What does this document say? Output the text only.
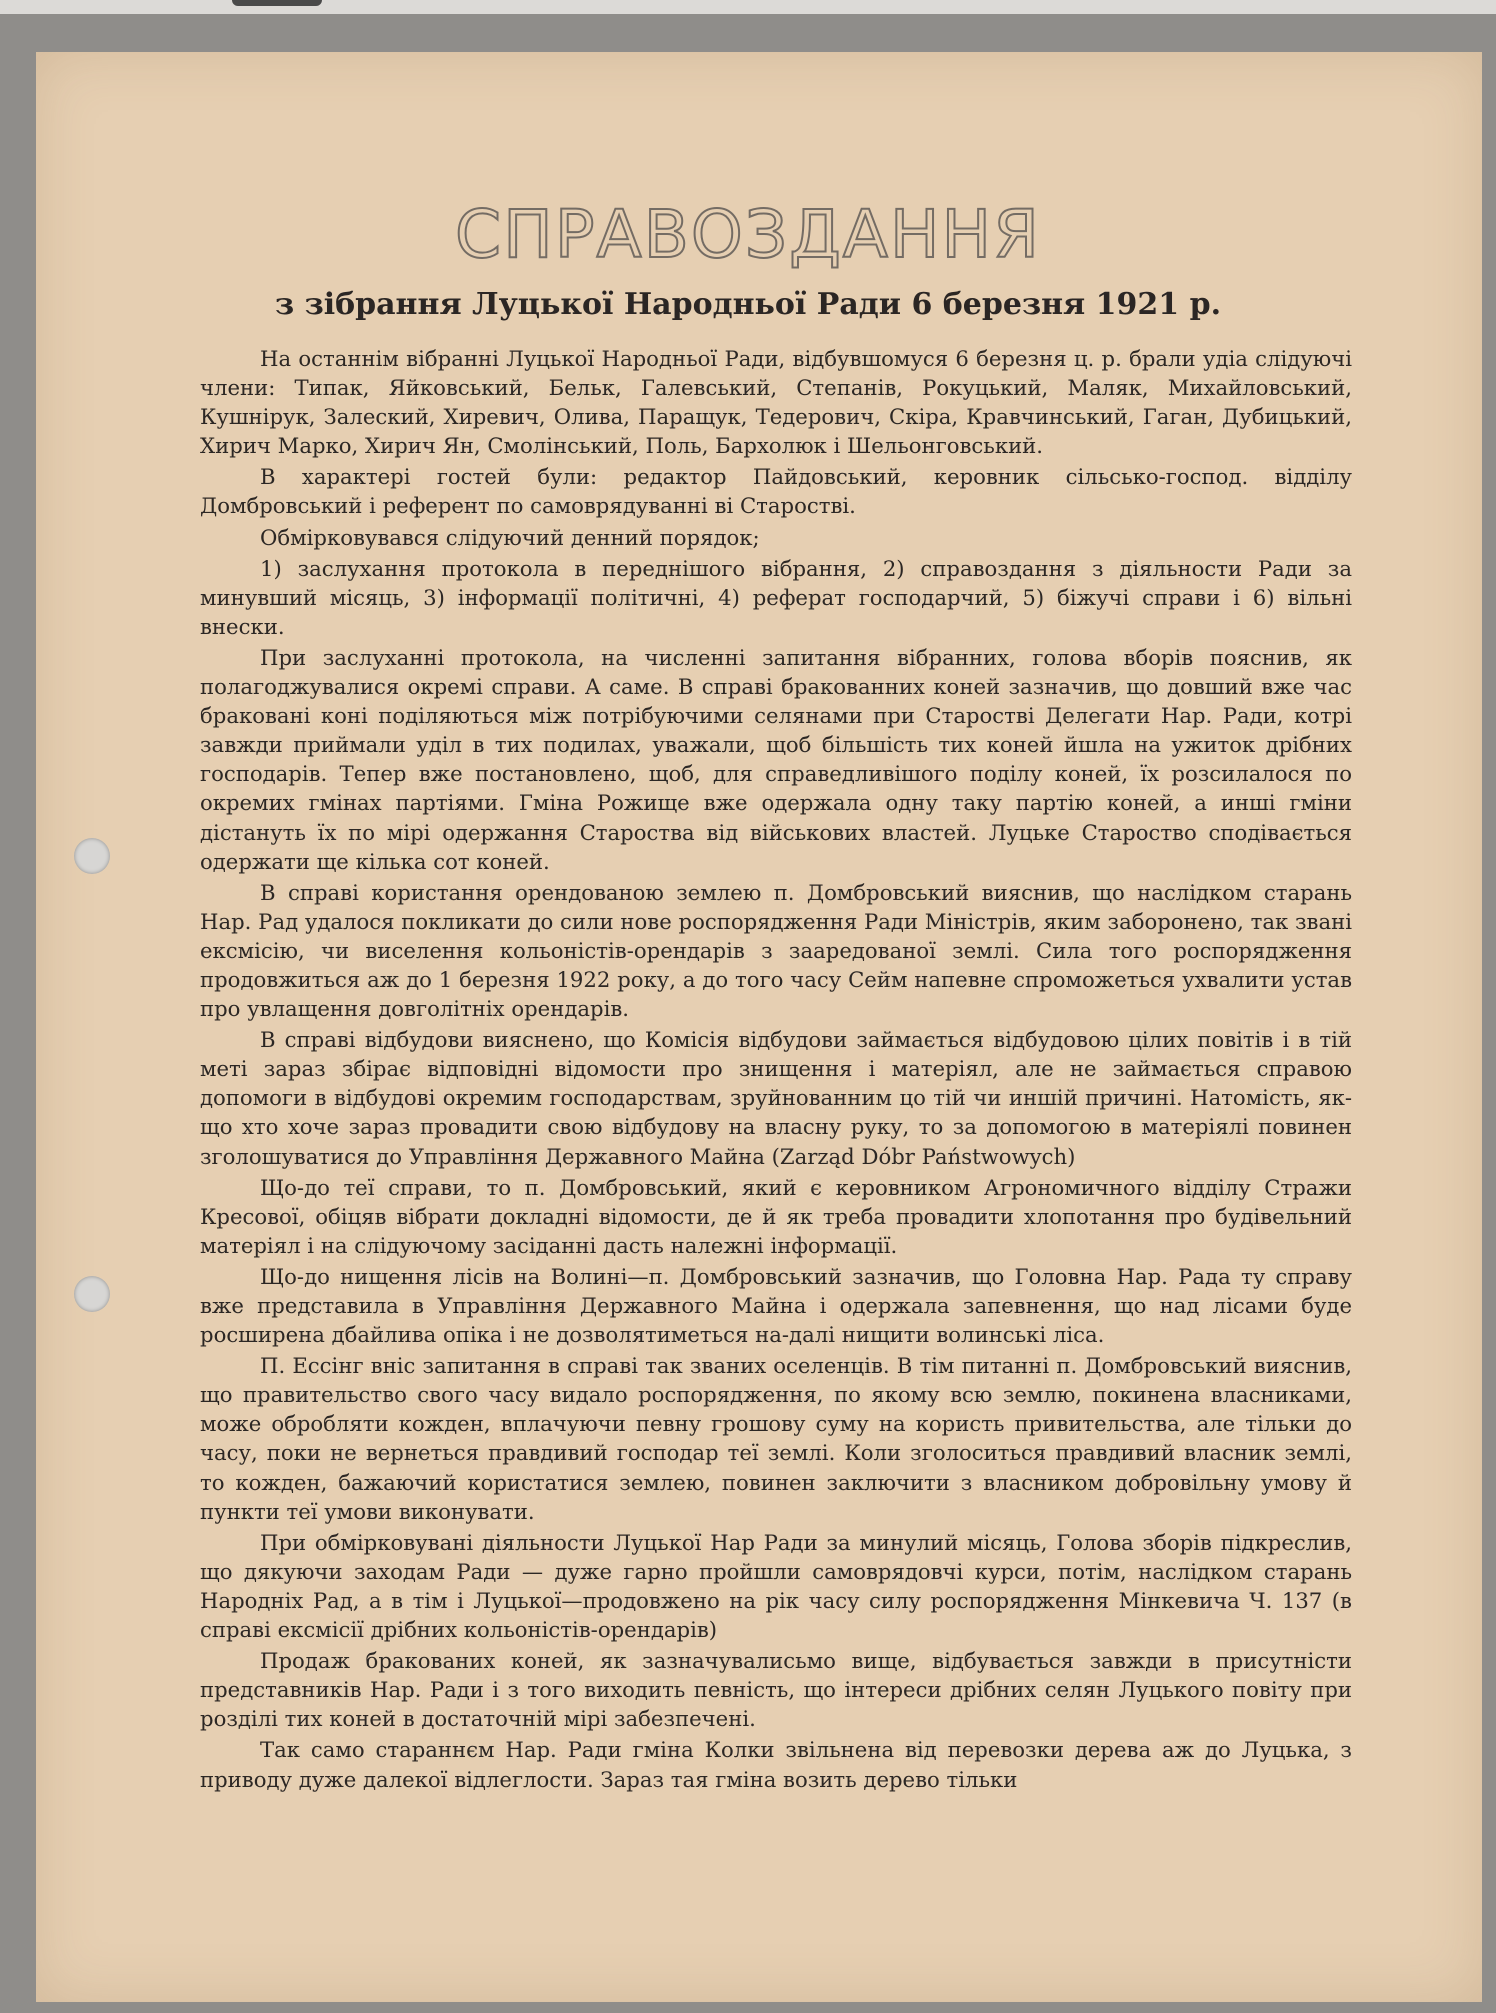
СПРАВОЗДАННЯ
з зібрання Луцької Народньої Ради 6 березня 1921 р.

На останнім вібранні Луцької Народньої Ради, відбувшомуся 6 березня ц. р. брали удіа слідуючі члени: Типак, Яйковський, Бельк, Галевський, Степанів, Рокуцький, Маляк, Михайловський, Кушнірук, Залеский, Хиревич, Олива, Паращук, Тедерович, Скіра, Кравчинський, Гаган, Дубицький, Хирич Марко, Хирич Ян, Смолінський, Поль, Бархолюк і Шельонговський.

В характері гостей були: редактор Пайдовський, керовник сільсько-господ. відділу Домбровський і референт по самоврядуванні ві Старостві.

Обмірковувався слідуючий денний порядок;

1) заслухання протокола в переднішого вібрання, 2) справоздання з діяльности Ради за минувший місяць, 3) інформації політичні, 4) реферат господарчий, 5) біжучі справи і 6) вільні внески.

При заслуханні протокола, на численні запитання вібранних, голова вборів пояснив, як полагоджувалися окремі справи. А саме. В справі бракованних коней зазначив, що довший вже час браковані коні поділяються між потрібуючими селянами при Старостві Делегати Нар. Ради, котрі завжди приймали уділ в тих подилах, уважали, щоб більшість тих коней йшла на ужиток дрібних господарів. Тепер вже постановлено, щоб, для справедливішого поділу коней, їх розсилалося по окремих гмінах партіями. Гміна Рожище вже одержала одну таку партію коней, а инші гміни дістануть їх по мірі одержання Староства від військових властей. Луцьке Староство сподівається одержати ще кілька сот коней.

В справі користання орендованою землею п. Домбровський вияснив, що наслідком старань Нар. Рад удалося покликати до сили нове роспорядження Ради Міністрів, яким заборонено, так звані ексмісію, чи виселення кольоністів-орендарів з зааредованої землі. Сила того роспорядження продовжиться аж до 1 березня 1922 року, а до того часу Сейм напевне спроможеться ухвалити устав про увлащення довголітніх орендарів.

В справі відбудови вияснено, що Комісія відбудови займається відбудовою цілих повітів і в тій меті зараз збірає відповідні відомости про знищення і матеріял, але не займається справою допомоги в відбудові окремим господарствам, зруйнованним цо тій чи иншій причині. Натомість, як-що хто хоче зараз провадити свою відбудову на власну руку, то за допомогою в матеріялі повинен зголошуватися до Управління Державного Майна (Zarząd Dóbr Państwowych)

Що-до теї справи, то п. Домбровський, який є керовником Агрономичного відділу Стражи Кресової, обіцяв вібрати докладні відомости, де й як треба провадити хлопотання про будівельний матеріял і на слідуючому засіданні дасть належні інформації.

Що-до нищення лісів на Волині—п. Домбровський зазначив, що Головна Нар. Рада ту справу вже представила в Управління Державного Майна і одержала запевнення, що над лісами буде росширена дбайлива опіка і не дозволятиметься на-далі нищити волинські ліса.

П. Ессінг вніс запитання в справі так званих оселенців. В тім питанні п. Домбровський вияснив, що правительство свого часу видало роспорядження, по якому всю землю, покинена власниками, може обробляти кожден, вплачуючи певну грошову суму на користь привительства, але тільки до часу, поки не вернеться правдивий господар теї землі. Коли зголоситься правдивий власник землі, то кожден, бажаючий користатися землею, повинен заключити з власником добровільну умову й пункти теї умови виконувати.

При обмірковувані діяльности Луцької Нар Ради за минулий місяць, Голова зборів підкреслив, що дякуючи заходам Ради — дуже гарно пройшли самоврядовчі курси, потім, наслідком старань Народніх Рад, а в тім і Луцької—продовжено на рік часу силу роспорядження Мінкевича Ч. 137 (в справі ексмісії дрібних кольоністів-орендарів)

Продаж бракованих коней, як зазначувалисьмо вище, відбувається завжди в присутністи представників Нар. Ради і з того виходить певність, що інтереси дрібних селян Луцького повіту при розділі тих коней в достаточній мірі забезпечені.

Так само стараннєм Нар. Ради гміна Колки звільнена від перевозки дерева аж до Луцька, з приводу дуже далекої відлеглости. Зараз тая гміна возить дерево тільки
